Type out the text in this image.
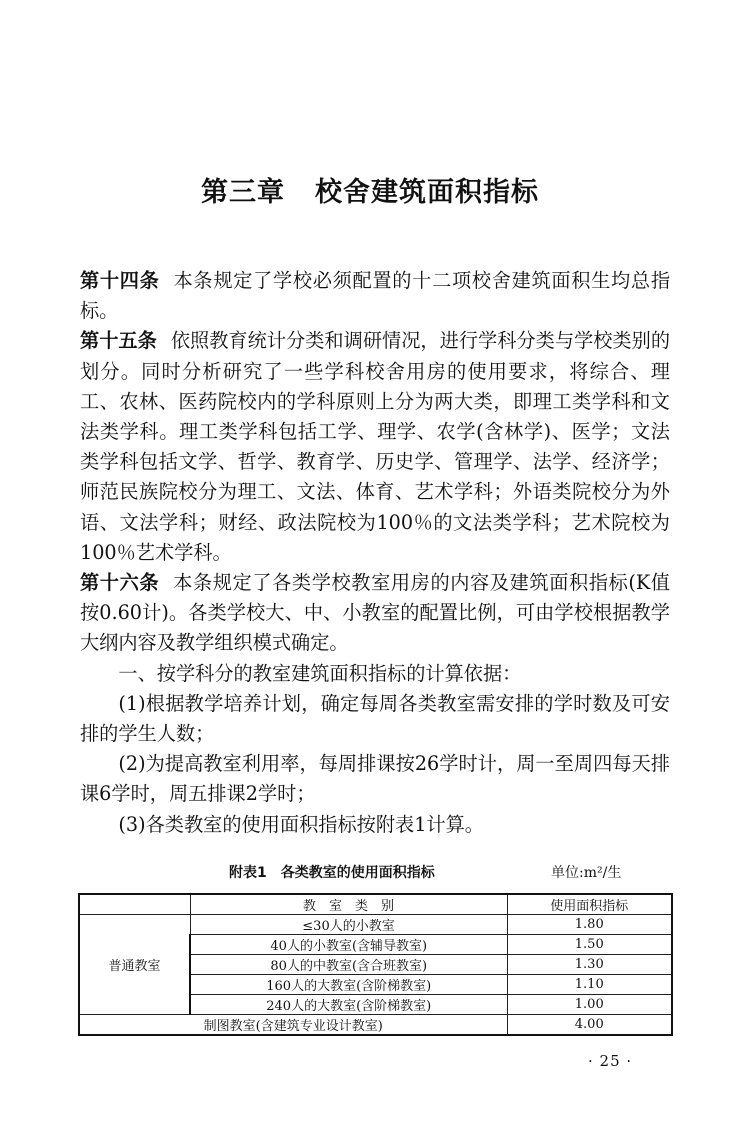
第三章 校舍建筑面积指标

第十四条 本条规定了学校必须配置的十二项校舍建筑面积生均总指标。

第十五条 依照教育统计分类和调研情况，进行学科分类与学校类别的划分。同时分析研究了一些学科校舍用房的使用要求，将综合、理工、农林、医药院校内的学科原则上分为两大类，即理工类学科和文法类学科。理工类学科包括工学、理学、农学(含林学)、医学；文法类学科包括文学、哲学、教育学、历史学、管理学、法学、经济学；师范民族院校分为理工、文法、体育、艺术学科；外语类院校分为外语、文法学科；财经、政法院校为100％的文法类学科；艺术院校为100％艺术学科。

第十六条 本条规定了各类学校教室用房的内容及建筑面积指标(K值按0.60计)。各类学校大、中、小教室的配置比例，可由学校根据教学大纲内容及教学组织模式确定。

一、按学科分的教室建筑面积指标的计算依据：

(1)根据教学培养计划，确定每周各类教室需安排的学时数及可安排的学生人数；

(2)为提高教室利用率，每周排课按26学时计，周一至周四每天排课6学时，周五排课2学时；

(3)各类教室的使用面积指标按附表1计算。

附表1　各类教室的使用面积指标	单位:m²/生
	教　室　类　别	使用面积指标
普通教室	≤30人的小教室	1.80
	40人的小教室(含辅导教室)	1.50
	80人的中教室(含合班教室)	1.30
	160人的大教室(含阶梯教室)	1.10
	240人的大教室(含阶梯教室)	1.00
制图教室(含建筑专业设计教室)		4.00
· 25 ·
